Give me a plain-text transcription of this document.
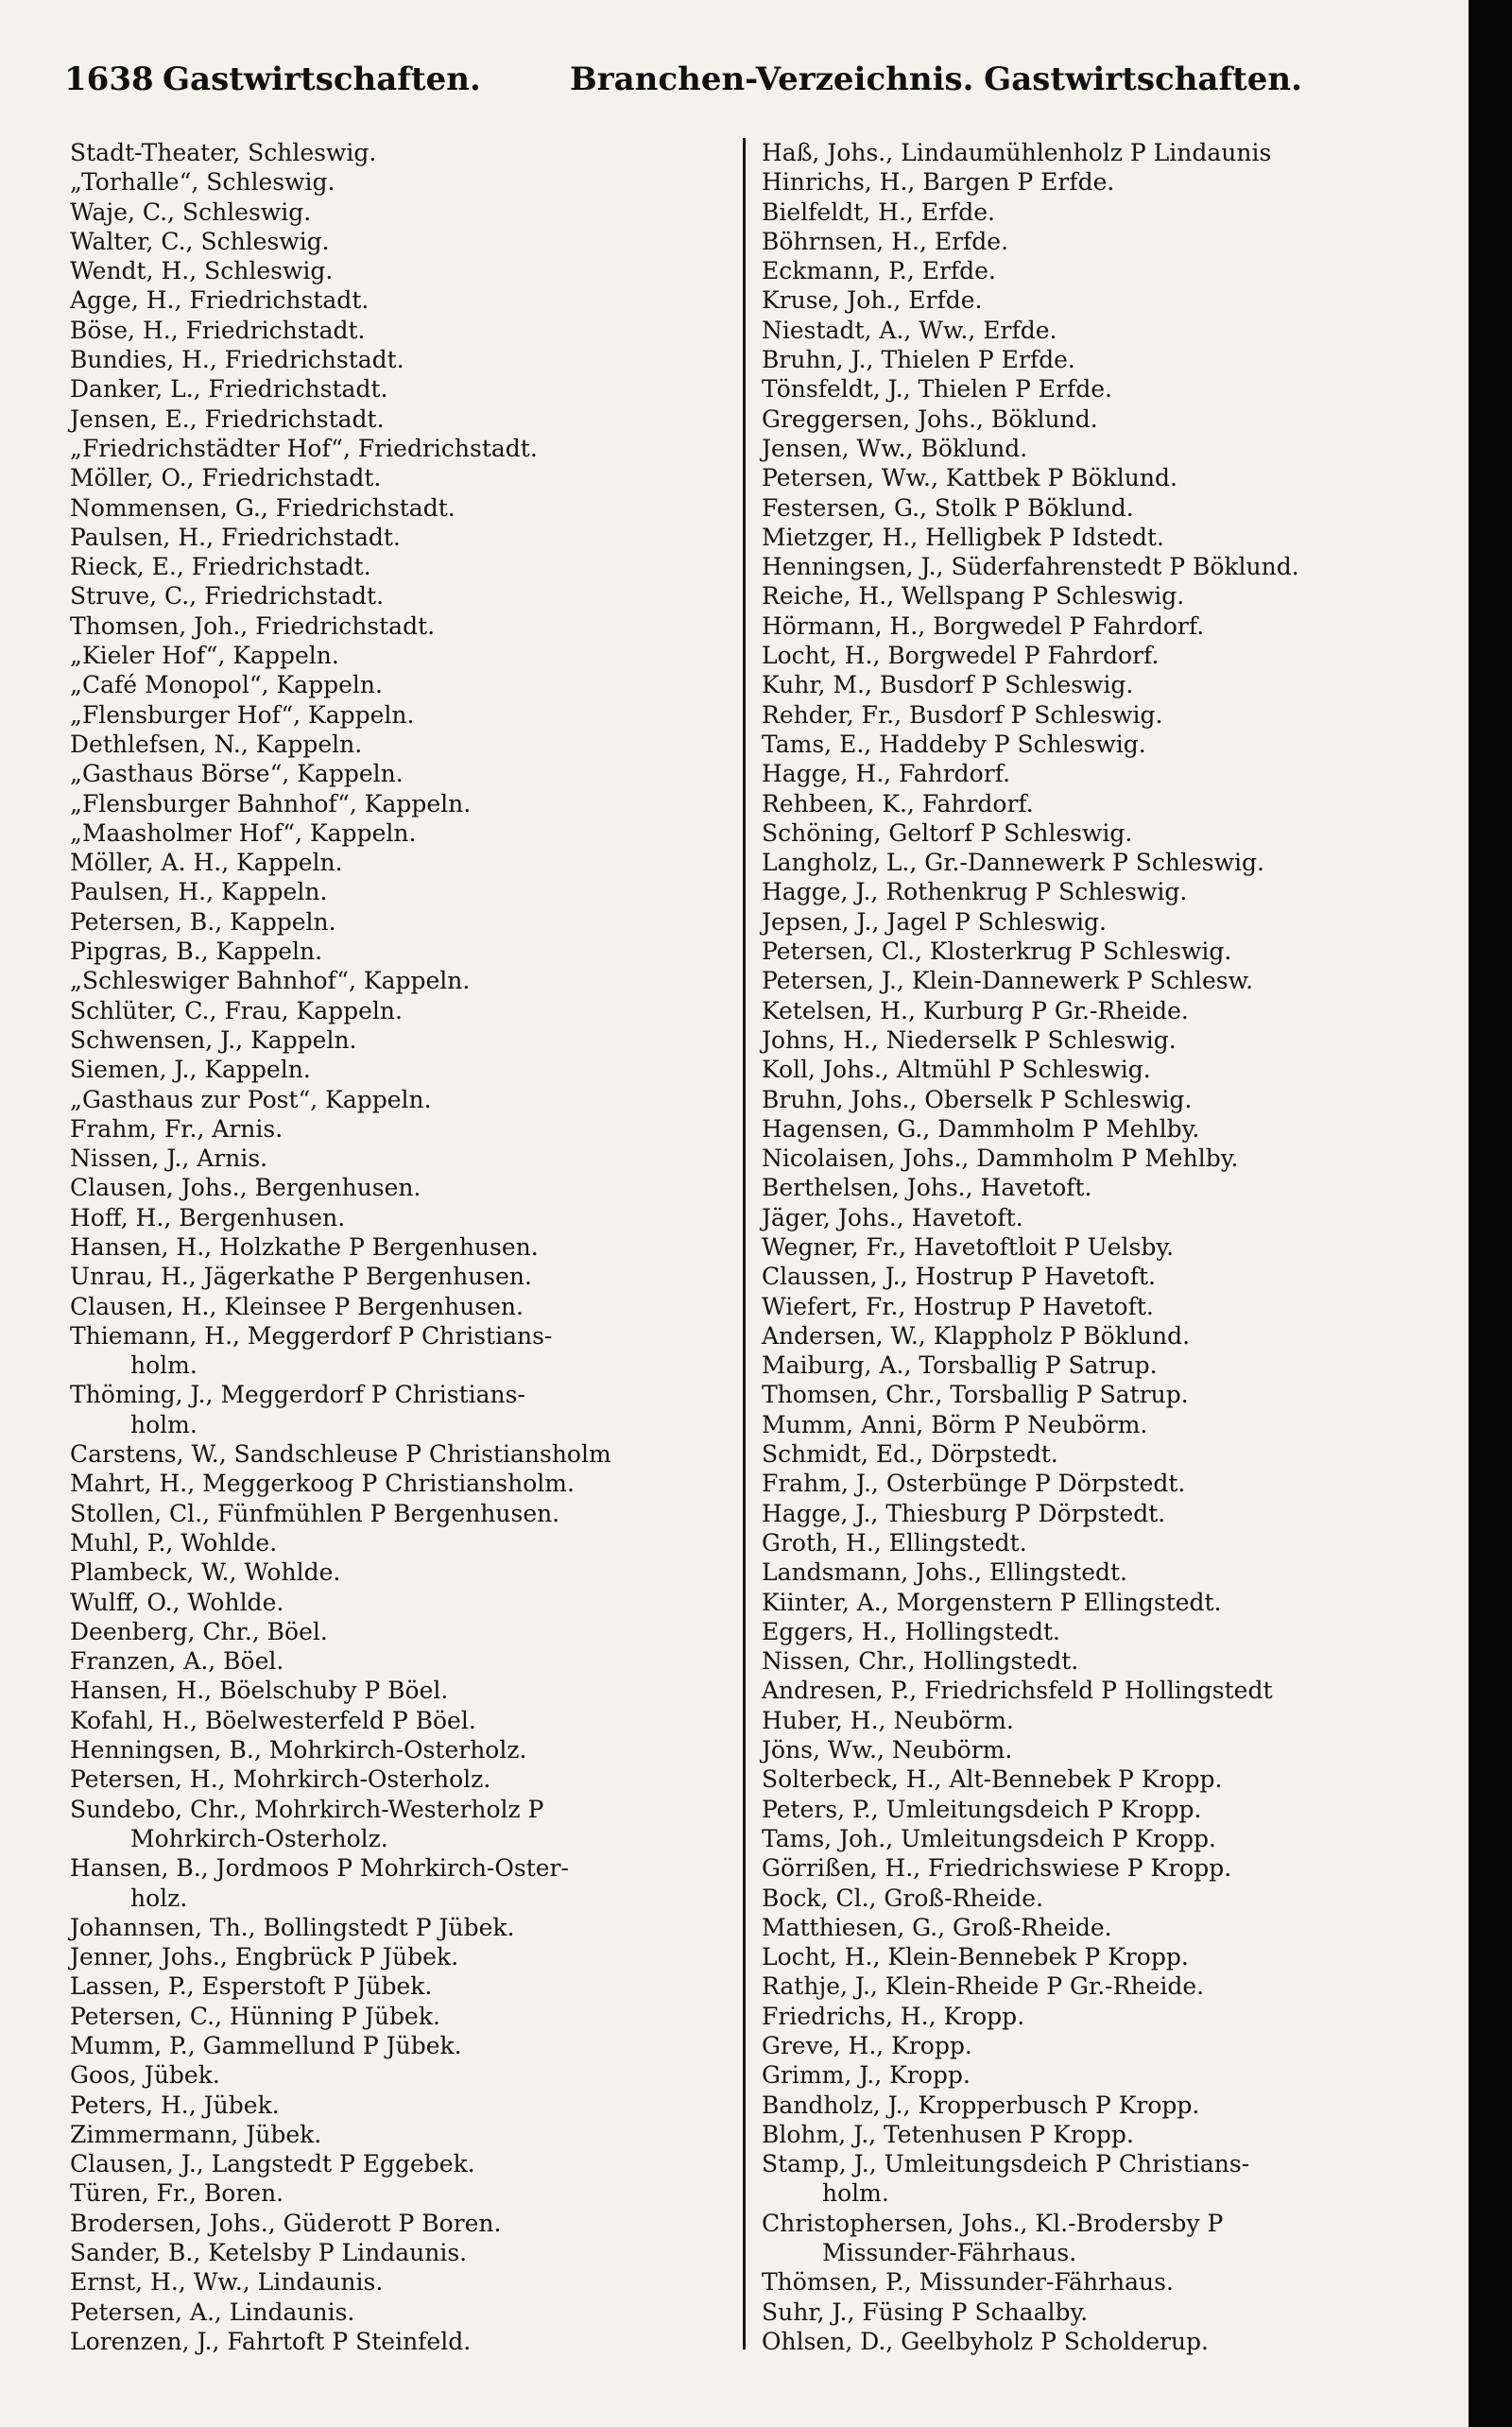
1638 Gastwirtschaften.	Branchen-Verzeichnis. Gastwirtschaften.
Stadt-Theater, Schleswig.
„Torhalle“, Schleswig.
Waje, C., Schleswig.
Walter, C., Schleswig.
Wendt, H., Schleswig.
Agge, H., Friedrichstadt.
Böse, H., Friedrichstadt.
Bundies, H., Friedrichstadt.
Danker, L., Friedrichstadt.
Jensen, E., Friedrichstadt.
„Friedrichstädter Hof“, Friedrichstadt.
Möller, O., Friedrichstadt.
Nommensen, G., Friedrichstadt.
Paulsen, H., Friedrichstadt.
Rieck, E., Friedrichstadt.
Struve, C., Friedrichstadt.
Thomsen, Joh., Friedrichstadt.
„Kieler Hof“, Kappeln.
„Café Monopol“, Kappeln.
„Flensburger Hof“, Kappeln.
Dethlefsen, N., Kappeln.
„Gasthaus Börse“, Kappeln.
„Flensburger Bahnhof“, Kappeln.
„Maasholmer Hof“, Kappeln.
Möller, A. H., Kappeln.
Paulsen, H., Kappeln.
Petersen, B., Kappeln.
Pipgras, B., Kappeln.
„Schleswiger Bahnhof“, Kappeln.
Schlüter, C., Frau, Kappeln.
Schwensen, J., Kappeln.
Siemen, J., Kappeln.
„Gasthaus zur Post“, Kappeln.
Frahm, Fr., Arnis.
Nissen, J., Arnis.
Clausen, Johs., Bergenhusen.
Hoff, H., Bergenhusen.
Hansen, H., Holzkathe P Bergenhusen.
Unrau, H., Jägerkathe P Bergenhusen.
Clausen, H., Kleinsee P Bergenhusen.
Thiemann, H., Meggerdorf P Christians-
holm.
Thöming, J., Meggerdorf P Christians-
holm.
Carstens, W., Sandschleuse P Christiansholm
Mahrt, H., Meggerkoog P Christiansholm.
Stollen, Cl., Fünfmühlen P Bergenhusen.
Muhl, P., Wohlde.
Plambeck, W., Wohlde.
Wulff, O., Wohlde.
Deenberg, Chr., Böel.
Franzen, A., Böel.
Hansen, H., Böelschuby P Böel.
Kofahl, H., Böelwesterfeld P Böel.
Henningsen, B., Mohrkirch-Osterholz.
Petersen, H., Mohrkirch-Osterholz.
Sundebo, Chr., Mohrkirch-Westerholz P
Mohrkirch-Osterholz.
Hansen, B., Jordmoos P Mohrkirch-Oster-
holz.
Johannsen, Th., Bollingstedt P Jübek.
Jenner, Johs., Engbrück P Jübek.
Lassen, P., Esperstoft P Jübek.
Petersen, C., Hünning P Jübek.
Mumm, P., Gammellund P Jübek.
Goos, Jübek.
Peters, H., Jübek.
Zimmermann, Jübek.
Clausen, J., Langstedt P Eggebek.
Türen, Fr., Boren.
Brodersen, Johs., Güderott P Boren.
Sander, B., Ketelsby P Lindaunis.
Ernst, H., Ww., Lindaunis.
Petersen, A., Lindaunis.
Lorenzen, J., Fahrtoft P Steinfeld.
Haß, Johs., Lindaumühlenholz P Lindaunis
Hinrichs, H., Bargen P Erfde.
Bielfeldt, H., Erfde.
Böhrnsen, H., Erfde.
Eckmann, P., Erfde.
Kruse, Joh., Erfde.
Niestadt, A., Ww., Erfde.
Bruhn, J., Thielen P Erfde.
Tönsfeldt, J., Thielen P Erfde.
Greggersen, Johs., Böklund.
Jensen, Ww., Böklund.
Petersen, Ww., Kattbek P Böklund.
Festersen, G., Stolk P Böklund.
Mietzger, H., Helligbek P Idstedt.
Henningsen, J., Süderfahrenstedt P Böklund.
Reiche, H., Wellspang P Schleswig.
Hörmann, H., Borgwedel P Fahrdorf.
Locht, H., Borgwedel P Fahrdorf.
Kuhr, M., Busdorf P Schleswig.
Rehder, Fr., Busdorf P Schleswig.
Tams, E., Haddeby P Schleswig.
Hagge, H., Fahrdorf.
Rehbeen, K., Fahrdorf.
Schöning, Geltorf P Schleswig.
Langholz, L., Gr.-Dannewerk P Schleswig.
Hagge, J., Rothenkrug P Schleswig.
Jepsen, J., Jagel P Schleswig.
Petersen, Cl., Klosterkrug P Schleswig.
Petersen, J., Klein-Dannewerk P Schlesw.
Ketelsen, H., Kurburg P Gr.-Rheide.
Johns, H., Niederselk P Schleswig.
Koll, Johs., Altmühl P Schleswig.
Bruhn, Johs., Oberselk P Schleswig.
Hagensen, G., Dammholm P Mehlby.
Nicolaisen, Johs., Dammholm P Mehlby.
Berthelsen, Johs., Havetoft.
Jäger, Johs., Havetoft.
Wegner, Fr., Havetoftloit P Uelsby.
Claussen, J., Hostrup P Havetoft.
Wiefert, Fr., Hostrup P Havetoft.
Andersen, W., Klappholz P Böklund.
Maiburg, A., Torsballig P Satrup.
Thomsen, Chr., Torsballig P Satrup.
Mumm, Anni, Börm P Neubörm.
Schmidt, Ed., Dörpstedt.
Frahm, J., Osterbünge P Dörpstedt.
Hagge, J., Thiesburg P Dörpstedt.
Groth, H., Ellingstedt.
Landsmann, Johs., Ellingstedt.
Kiinter, A., Morgenstern P Ellingstedt.
Eggers, H., Hollingstedt.
Nissen, Chr., Hollingstedt.
Andresen, P., Friedrichsfeld P Hollingstedt
Huber, H., Neubörm.
Jöns, Ww., Neubörm.
Solterbeck, H., Alt-Bennebek P Kropp.
Peters, P., Umleitungsdeich P Kropp.
Tams, Joh., Umleitungsdeich P Kropp.
Görrißen, H., Friedrichswiese P Kropp.
Bock, Cl., Groß-Rheide.
Matthiesen, G., Groß-Rheide.
Locht, H., Klein-Bennebek P Kropp.
Rathje, J., Klein-Rheide P Gr.-Rheide.
Friedrichs, H., Kropp.
Greve, H., Kropp.
Grimm, J., Kropp.
Bandholz, J., Kropperbusch P Kropp.
Blohm, J., Tetenhusen P Kropp.
Stamp, J., Umleitungsdeich P Christians-
holm.
Christophersen, Johs., Kl.-Brodersby P
Missunder-Fährhaus.
Thömsen, P., Missunder-Fährhaus.
Suhr, J., Füsing P Schaalby.
Ohlsen, D., Geelbyholz P Scholderup.
